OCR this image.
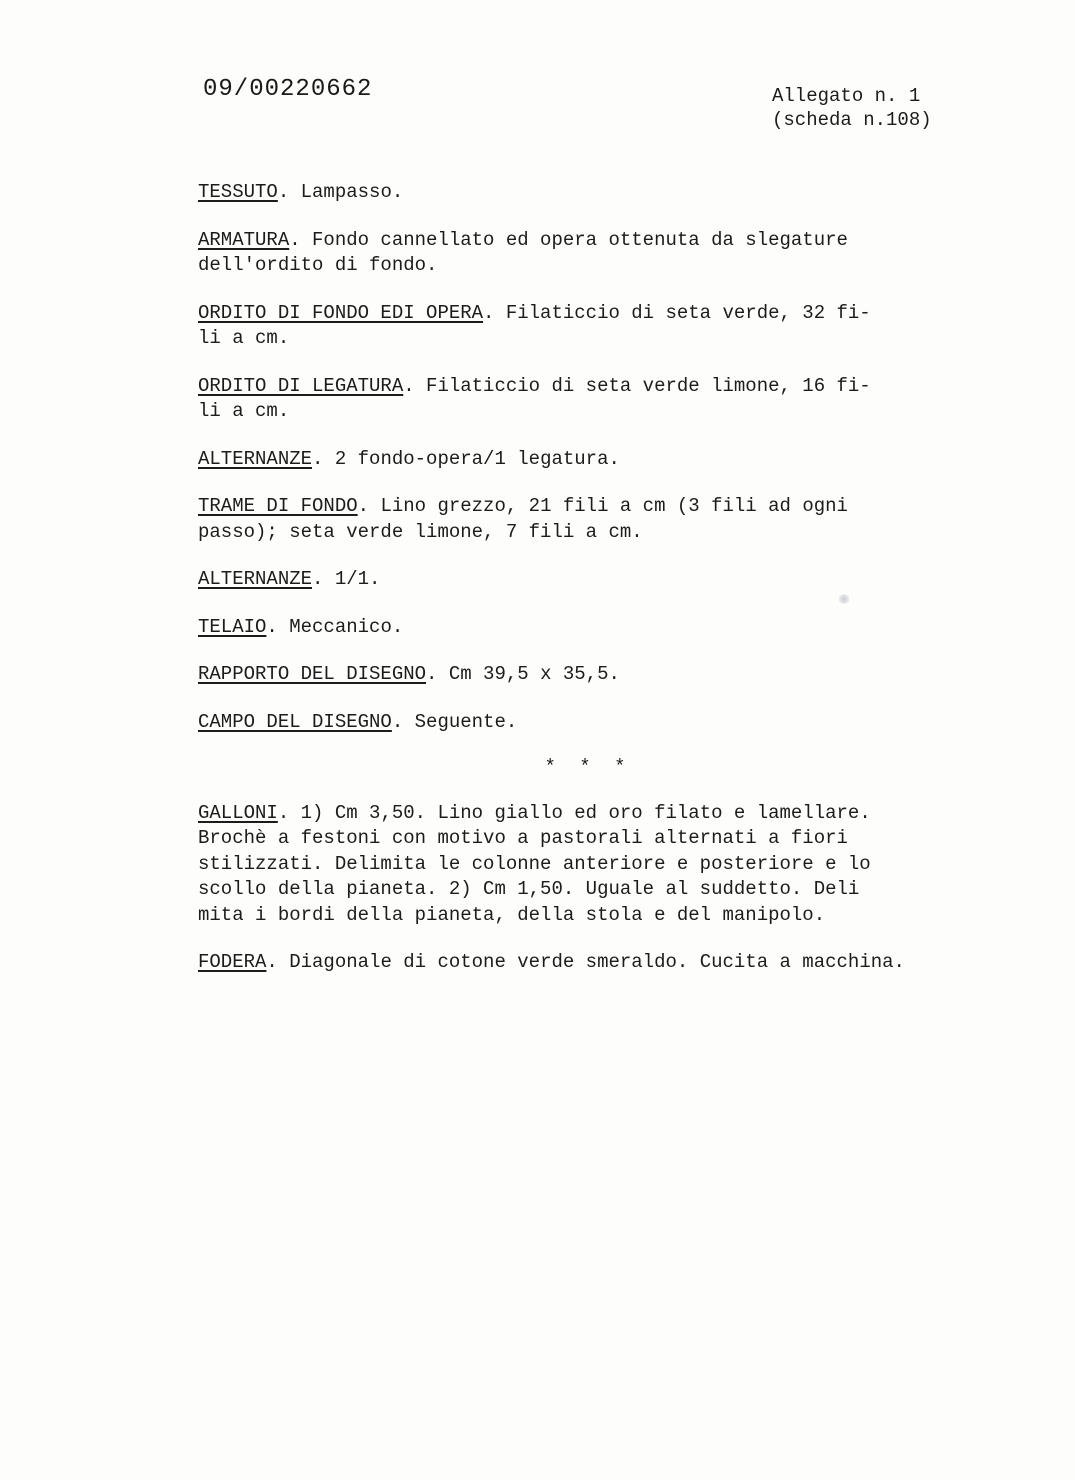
09/00220662	Allegato n. 1
(scheda n.108)

TESSUTO. Lampasso.

ARMATURA. Fondo cannellato ed opera ottenuta da slegature
dell'ordito di fondo.

ORDITO DI FONDO EDI OPERA. Filaticcio di seta verde, 32 fi-
li a cm.

ORDITO DI LEGATURA. Filaticcio di seta verde limone, 16 fi-
li a cm.

ALTERNANZE. 2 fondo-opera/1 legatura.

TRAME DI FONDO. Lino grezzo, 21 fili a cm (3 fili ad ogni
passo); seta verde limone, 7 fili a cm.

ALTERNANZE. 1/1.

TELAIO. Meccanico.

RAPPORTO DEL DISEGNO. Cm 39,5 x 35,5.

CAMPO DEL DISEGNO. Seguente.

* * *

GALLONI. 1) Cm 3,50. Lino giallo ed oro filato e lamellare.
Brochè a festoni con motivo a pastorali alternati a fiori
stilizzati. Delimita le colonne anteriore e posteriore e lo
scollo della pianeta. 2) Cm 1,50. Uguale al suddetto. Deli
mita i bordi della pianeta, della stola e del manipolo.

FODERA. Diagonale di cotone verde smeraldo. Cucita a macchina.
